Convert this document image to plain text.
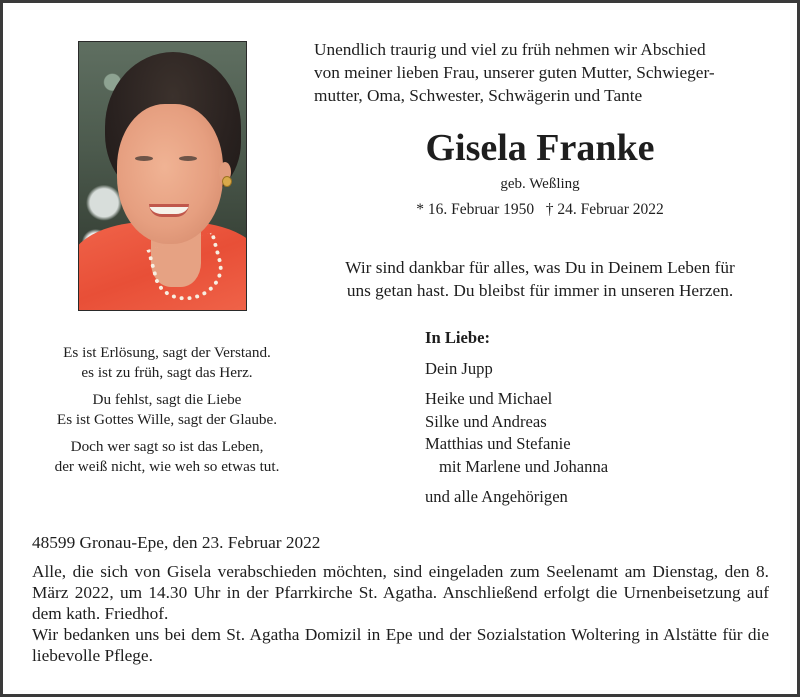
Unendlich traurig und viel zu früh nehmen wir Abschied
von meiner lieben Frau, unserer guten Mutter, Schwieger-
mutter, Oma, Schwester, Schwägerin und Tante
Gisela Franke
geb. Weßling
* 16. Februar 1950   † 24. Februar 2022
Wir sind dankbar für alles, was Du in Deinem Leben für
uns getan hast. Du bleibst für immer in unseren Herzen.
Es ist Erlösung, sagt der Verstand.
es ist zu früh, sagt das Herz.
Du fehlst, sagt die Liebe
Es ist Gottes Wille, sagt der Glaube.
Doch wer sagt so ist das Leben,
der weiß nicht, wie weh so etwas tut.
In Liebe:
Dein Jupp
Heike und Michael
Silke und Andreas
Matthias und Stefanie
mit Marlene und Johanna
und alle Angehörigen
48599 Gronau-Epe, den 23. Februar 2022

Alle, die sich von Gisela verabschieden möchten, sind eingeladen zum Seelenamt am Dienstag, den 8. März 2022, um 14.30 Uhr in der Pfarrkirche St. Agatha. Anschließend erfolgt die Urnenbeisetzung auf dem kath. Friedhof.

Wir bedanken uns bei dem St. Agatha Domizil in Epe und der Sozialstation Woltering in Alstätte für die liebevolle Pflege.
